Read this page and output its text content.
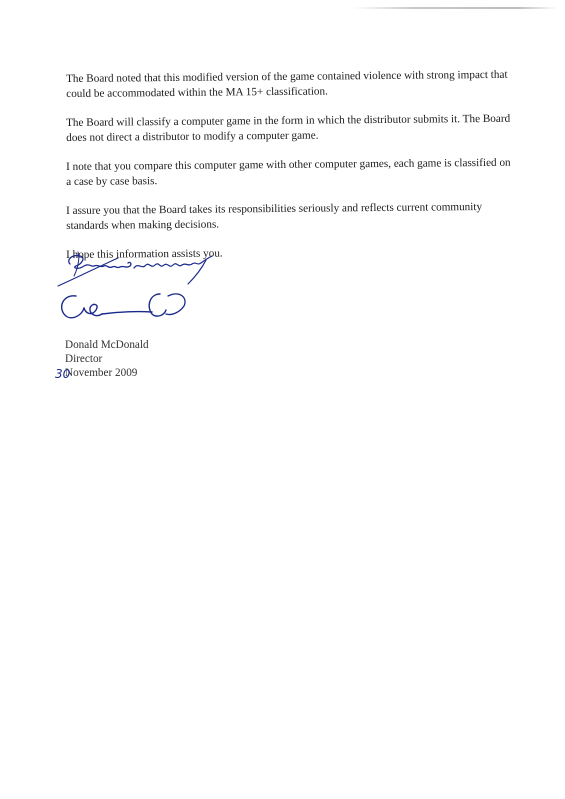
The Board noted that this modified version of the game contained violence with strong impact that could be accommodated within the MA 15+ classification.

The Board will classify a computer game in the form in which the distributor submits it. The Board does not direct a distributor to modify a computer game.

I note that you compare this computer game with other computer games, each game is classified on a case by case basis.

I assure you that the Board takes its responsibilities seriously and reflects current community standards when making decisions.

I hope this information assists you.

Donald McDonald
Director
30
November 2009
